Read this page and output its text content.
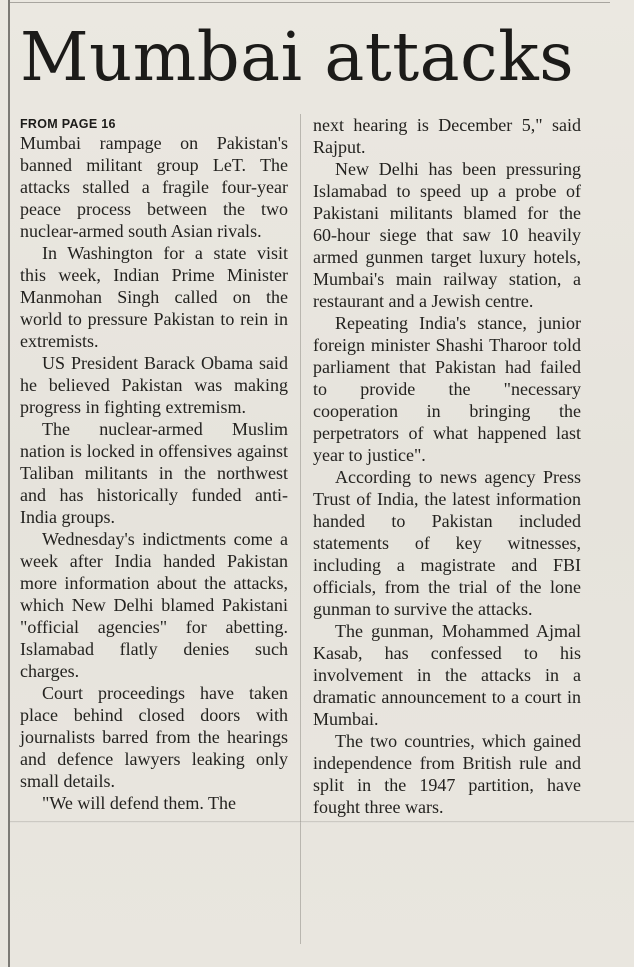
Mumbai attacks
FROM PAGE 16

Mumbai rampage on Pakistan's banned militant group LeT. The attacks stalled a fragile four-year peace process between the two nuclear-armed south Asian rivals.

In Washington for a state visit this week, Indian Prime Minister Manmohan Singh called on the world to pressure Pakistan to rein in extremists.

US President Barack Obama said he believed Pakistan was making progress in fighting extremism.

The nuclear-armed Muslim nation is locked in offensives against Taliban militants in the northwest and has historically funded anti-India groups.

Wednesday's indictments come a week after India handed Pakistan more information about the attacks, which New Delhi blamed Pakistani "official agencies" for abetting. Islamabad flatly denies such charges.

Court proceedings have taken place behind closed doors with journalists barred from the hearings and defence lawyers leaking only small details.

"We will defend them. The

next hearing is December 5," said Rajput.

New Delhi has been pressuring Islamabad to speed up a probe of Pakistani militants blamed for the 60-hour siege that saw 10 heavily armed gunmen target luxury hotels, Mumbai's main railway station, a restaurant and a Jewish centre.

Repeating India's stance, junior foreign minister Shashi Tharoor told parliament that Pakistan had failed to provide the "necessary cooperation in bringing the perpetrators of what happened last year to justice".

According to news agency Press Trust of India, the latest information handed to Pakistan included statements of key witnesses, including a magistrate and FBI officials, from the trial of the lone gunman to survive the attacks.

The gunman, Mohammed Ajmal Kasab, has confessed to his involvement in the attacks in a dramatic announcement to a court in Mumbai.

The two countries, which gained independence from British rule and split in the 1947 partition, have fought three wars.
